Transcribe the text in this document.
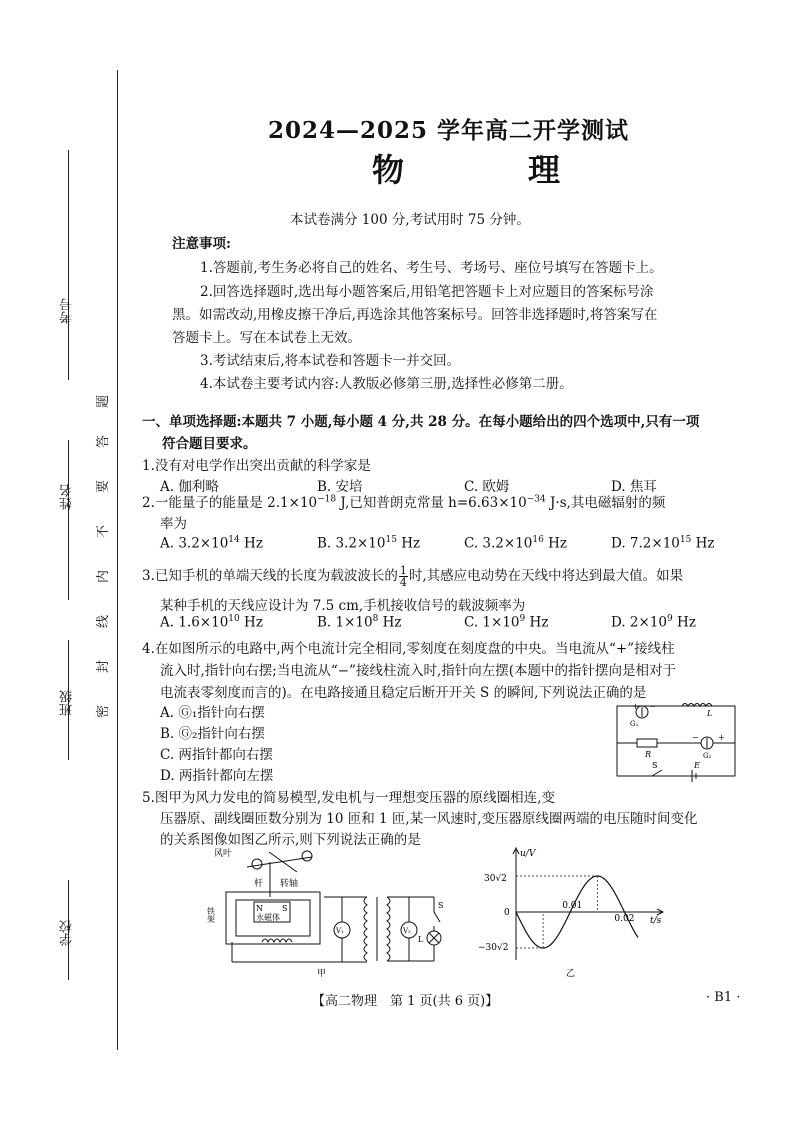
考号
姓名
班级
学校
题
答
要
不
内
线
封
密
2024—2025 学年高二开学测试
物　理
本试卷满分 100 分,考试用时 75 分钟。
注意事项:
1.答题前,考生务必将自己的姓名、考生号、考场号、座位号填写在答题卡上。
2.回答选择题时,选出每小题答案后,用铅笔把答题卡上对应题目的答案标号涂
黑。如需改动,用橡皮擦干净后,再选涂其他答案标号。回答非选择题时,将答案写在
答题卡上。写在本试卷上无效。
3.考试结束后,将本试卷和答题卡一并交回。
4.本试卷主要考试内容:人教版必修第三册,选择性必修第二册。
一、单项选择题:本题共 7 小题,每小题 4 分,共 28 分。在每小题给出的四个选项中,只有一项
符合题目要求。
1.没有对电学作出突出贡献的科学家是
A. 伽利略	B. 安培	C. 欧姆	D. 焦耳
2.一能量子的能量是 $2.1\times 10^{-18}$ J,已知普朗克常量 $h=6.63\times 10^{-34}$ J·s,其电磁辐射的频
率为
A. $3.2\times 10^{14}$ Hz	B. $3.2\times 10^{15}$ Hz	C. $3.2\times 10^{16}$ Hz	D. $7.2\times 10^{15}$ Hz
3.已知手机的单端天线的长度为载波波长的 $\frac{1}{4}$ 时,其感应电动势在天线中将达到最大值。如果
某种手机的天线应设计为 7.5 cm,手机接收信号的载波频率为
A. $1.6\times 10^{10}$ Hz	B. $1\times 10^8$ Hz	C. $1\times 10^9$ Hz	D. $2\times 10^9$ Hz
4.在如图所示的电路中,两个电流计完全相同,零刻度在刻度盘的中央。当电流从“+”接线柱
流入时,指针向右摆;当电流从“−”接线柱流入时,指针向左摆(本题中的指针摆向是相对于
电流表零刻度而言的)。在电路接通且稳定后断开开关 S 的瞬间,下列说法正确的是
A. Ⓖ₁指针向右摆
B. Ⓖ₂指针向右摆
C. 两指针都向右摆
D. 两指针都向左摆
G₁
+ −
L
R	G₂
+
−
S	E
5.图甲为风力发电的简易模型,发电机与一理想变压器的原线圈相连,变
压器原、副线圈匝数分别为 10 匝和 1 匝,某一风速时,变压器原线圈两端的电压随时间变化
的关系图像如图乙所示,则下列说法正确的是
风叶
杆 转轴
N S
永磁体
铁架
V₁	V₂
S
L
甲
u/V
t/s
30√2
0
−30√2
0.01
0.02
乙
【高二物理　第 1 页(共 6 页)】	· B1 ·
